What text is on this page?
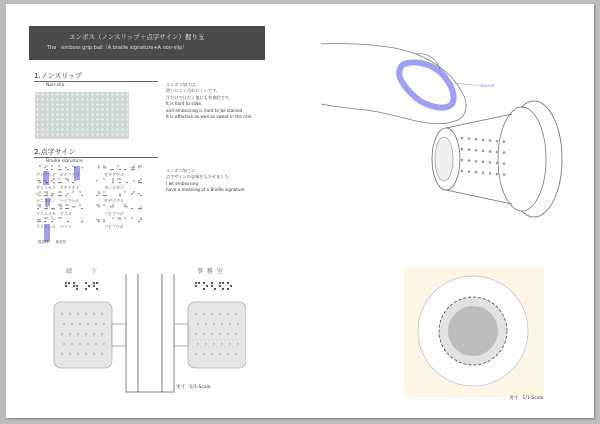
エンボス（ノンスリップ＋点字サイン）握り玉
The　emboss grip ball（A braille signature+A non-slip）
1.ノンスリップ
Non-slip	エンボス加工は、
滑りにくく汚れにくいです。
汗だけではなく他にも有効的です。
It is hard to slide,
and embossing is hard to be stained.
It is effective as well as sweat in the rain.
2.点字サイン
Braille signature
アイウエオ　カキクケコ
サシスセソ　タチツテト
ナニヌネノ　ハヒフヘホ
マミムメモ　ヤユヨ
ラリルレロ　ワヲン
ガギグゲゴ
ザジズゼゾ
ダヂヅデド
バビブベボ
パピプペポ
数量符　　拗音符
エンボス加工に
点字サインの意味をもたせました。
I let embossing
have a meaning of a Braille signature
廊	下	事 務 室
実寸　1/1-Scale
Sweat
実寸　1/1-Scale
